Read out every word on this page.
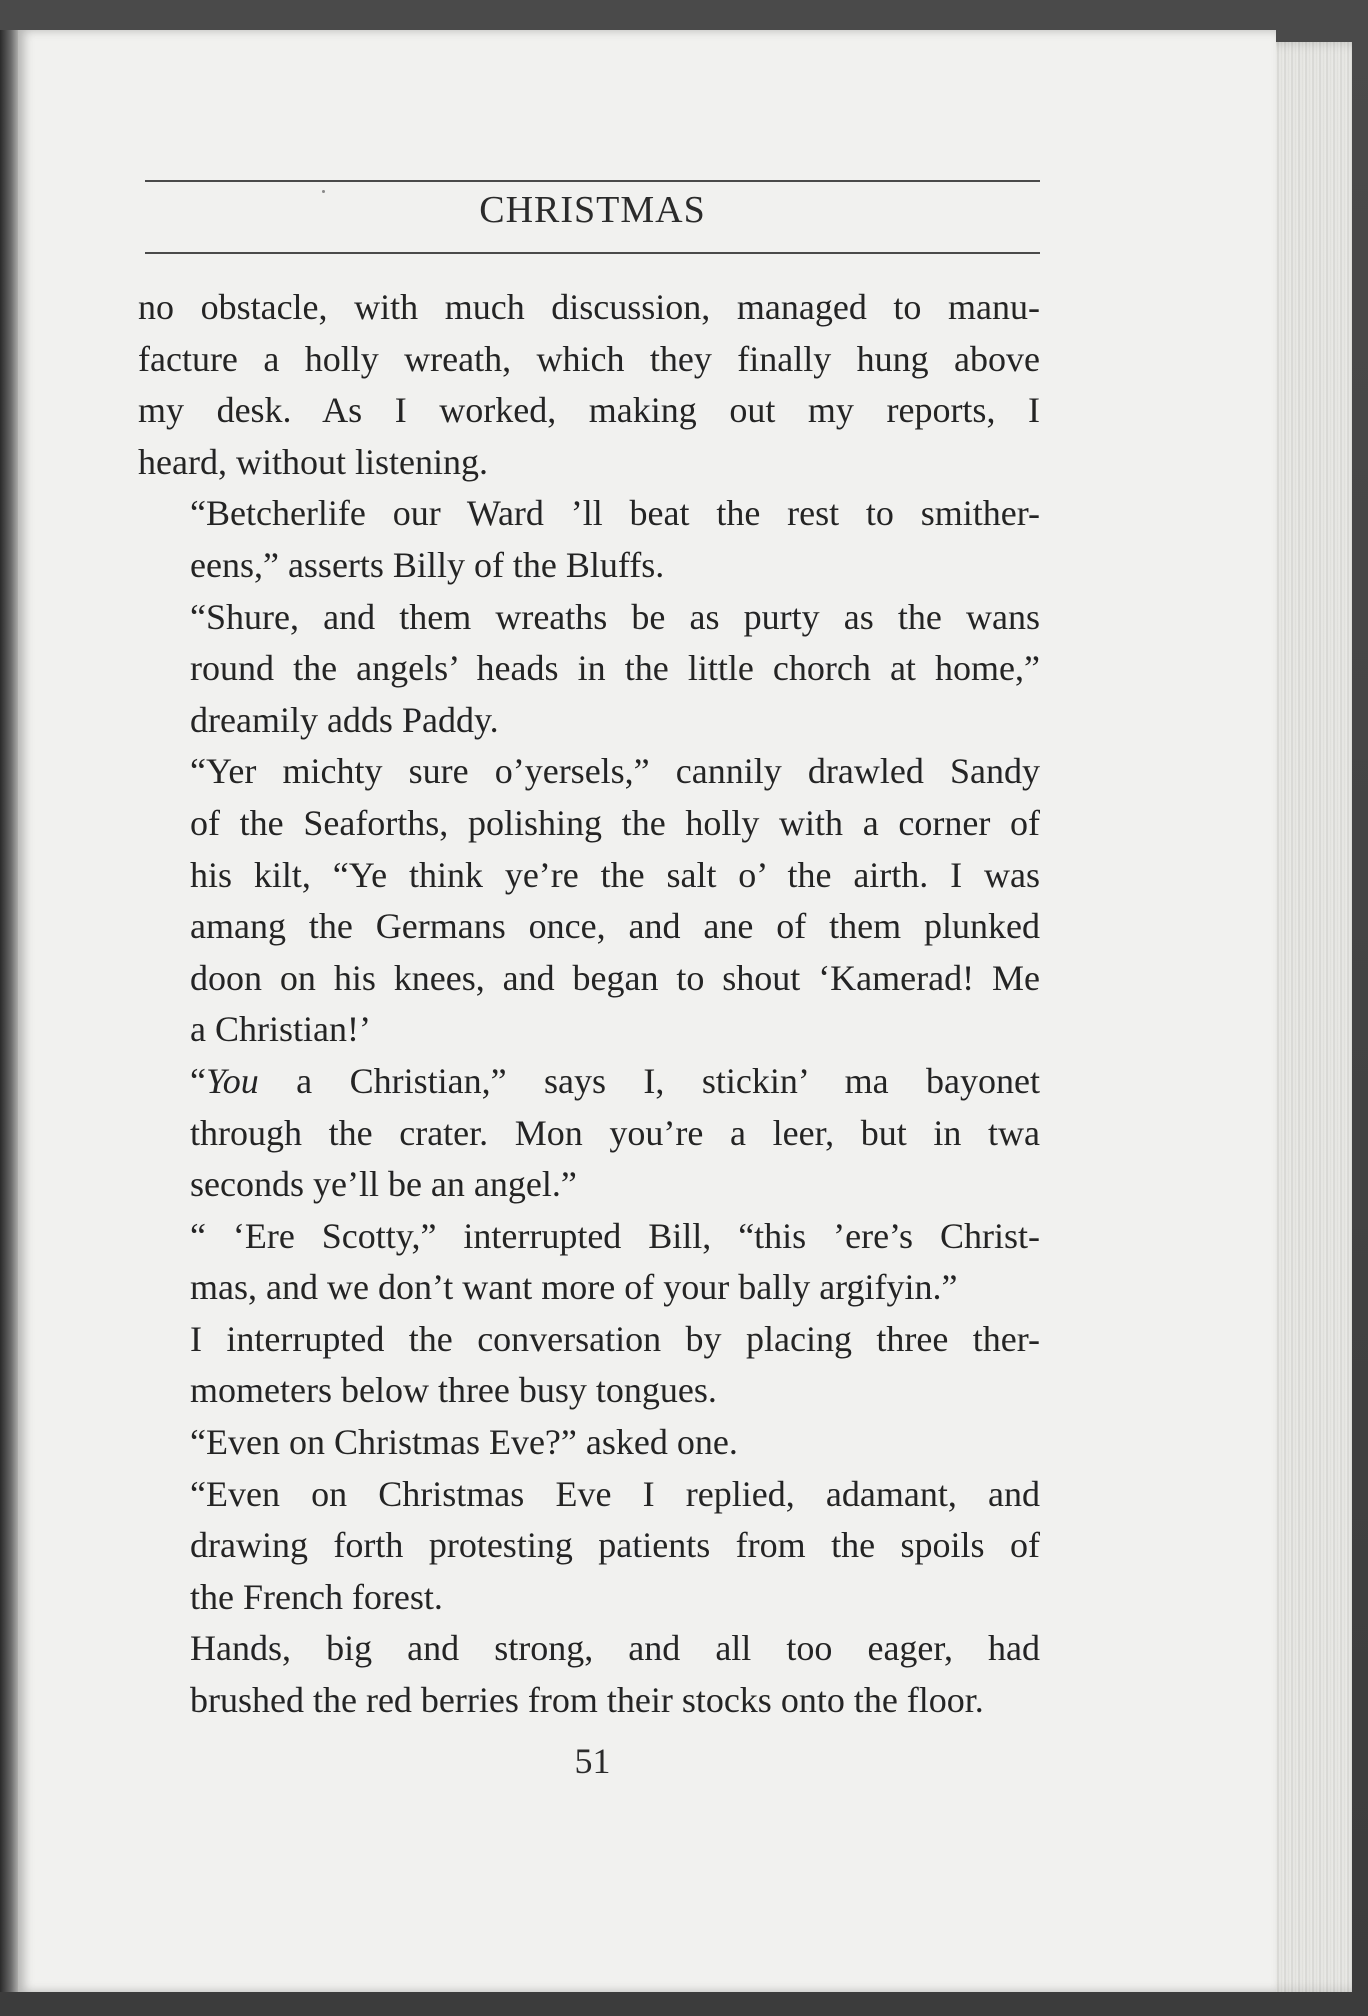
CHRISTMAS

no obstacle, with much discussion, managed to manu-
facture a holly wreath, which they finally hung above
my desk. As I worked, making out my reports, I
heard, without listening.

“Betcherlife our Ward ’ll beat the rest to smither-
eens,” asserts Billy of the Bluffs.

“Shure, and them wreaths be as purty as the wans
round the angels’ heads in the little chorch at home,”
dreamily adds Paddy.

“Yer michty sure o’yersels,” cannily drawled Sandy
of the Seaforths, polishing the holly with a corner of
his kilt, “Ye think ye’re the salt o’ the airth. I was
amang the Germans once, and ane of them plunked
doon on his knees, and began to shout ‘Kamerad! Me
a Christian!’

“You a Christian,” says I, stickin’ ma bayonet
through the crater. Mon you’re a leer, but in twa
seconds ye’ll be an angel.”

“ ‘Ere Scotty,” interrupted Bill, “this ’ere’s Christ-
mas, and we don’t want more of your bally argifyin.”

I interrupted the conversation by placing three ther-
mometers below three busy tongues.

“Even on Christmas Eve?” asked one.

“Even on Christmas Eve I replied, adamant, and
drawing forth protesting patients from the spoils of
the French forest.

Hands, big and strong, and all too eager, had
brushed the red berries from their stocks onto the floor.

51
